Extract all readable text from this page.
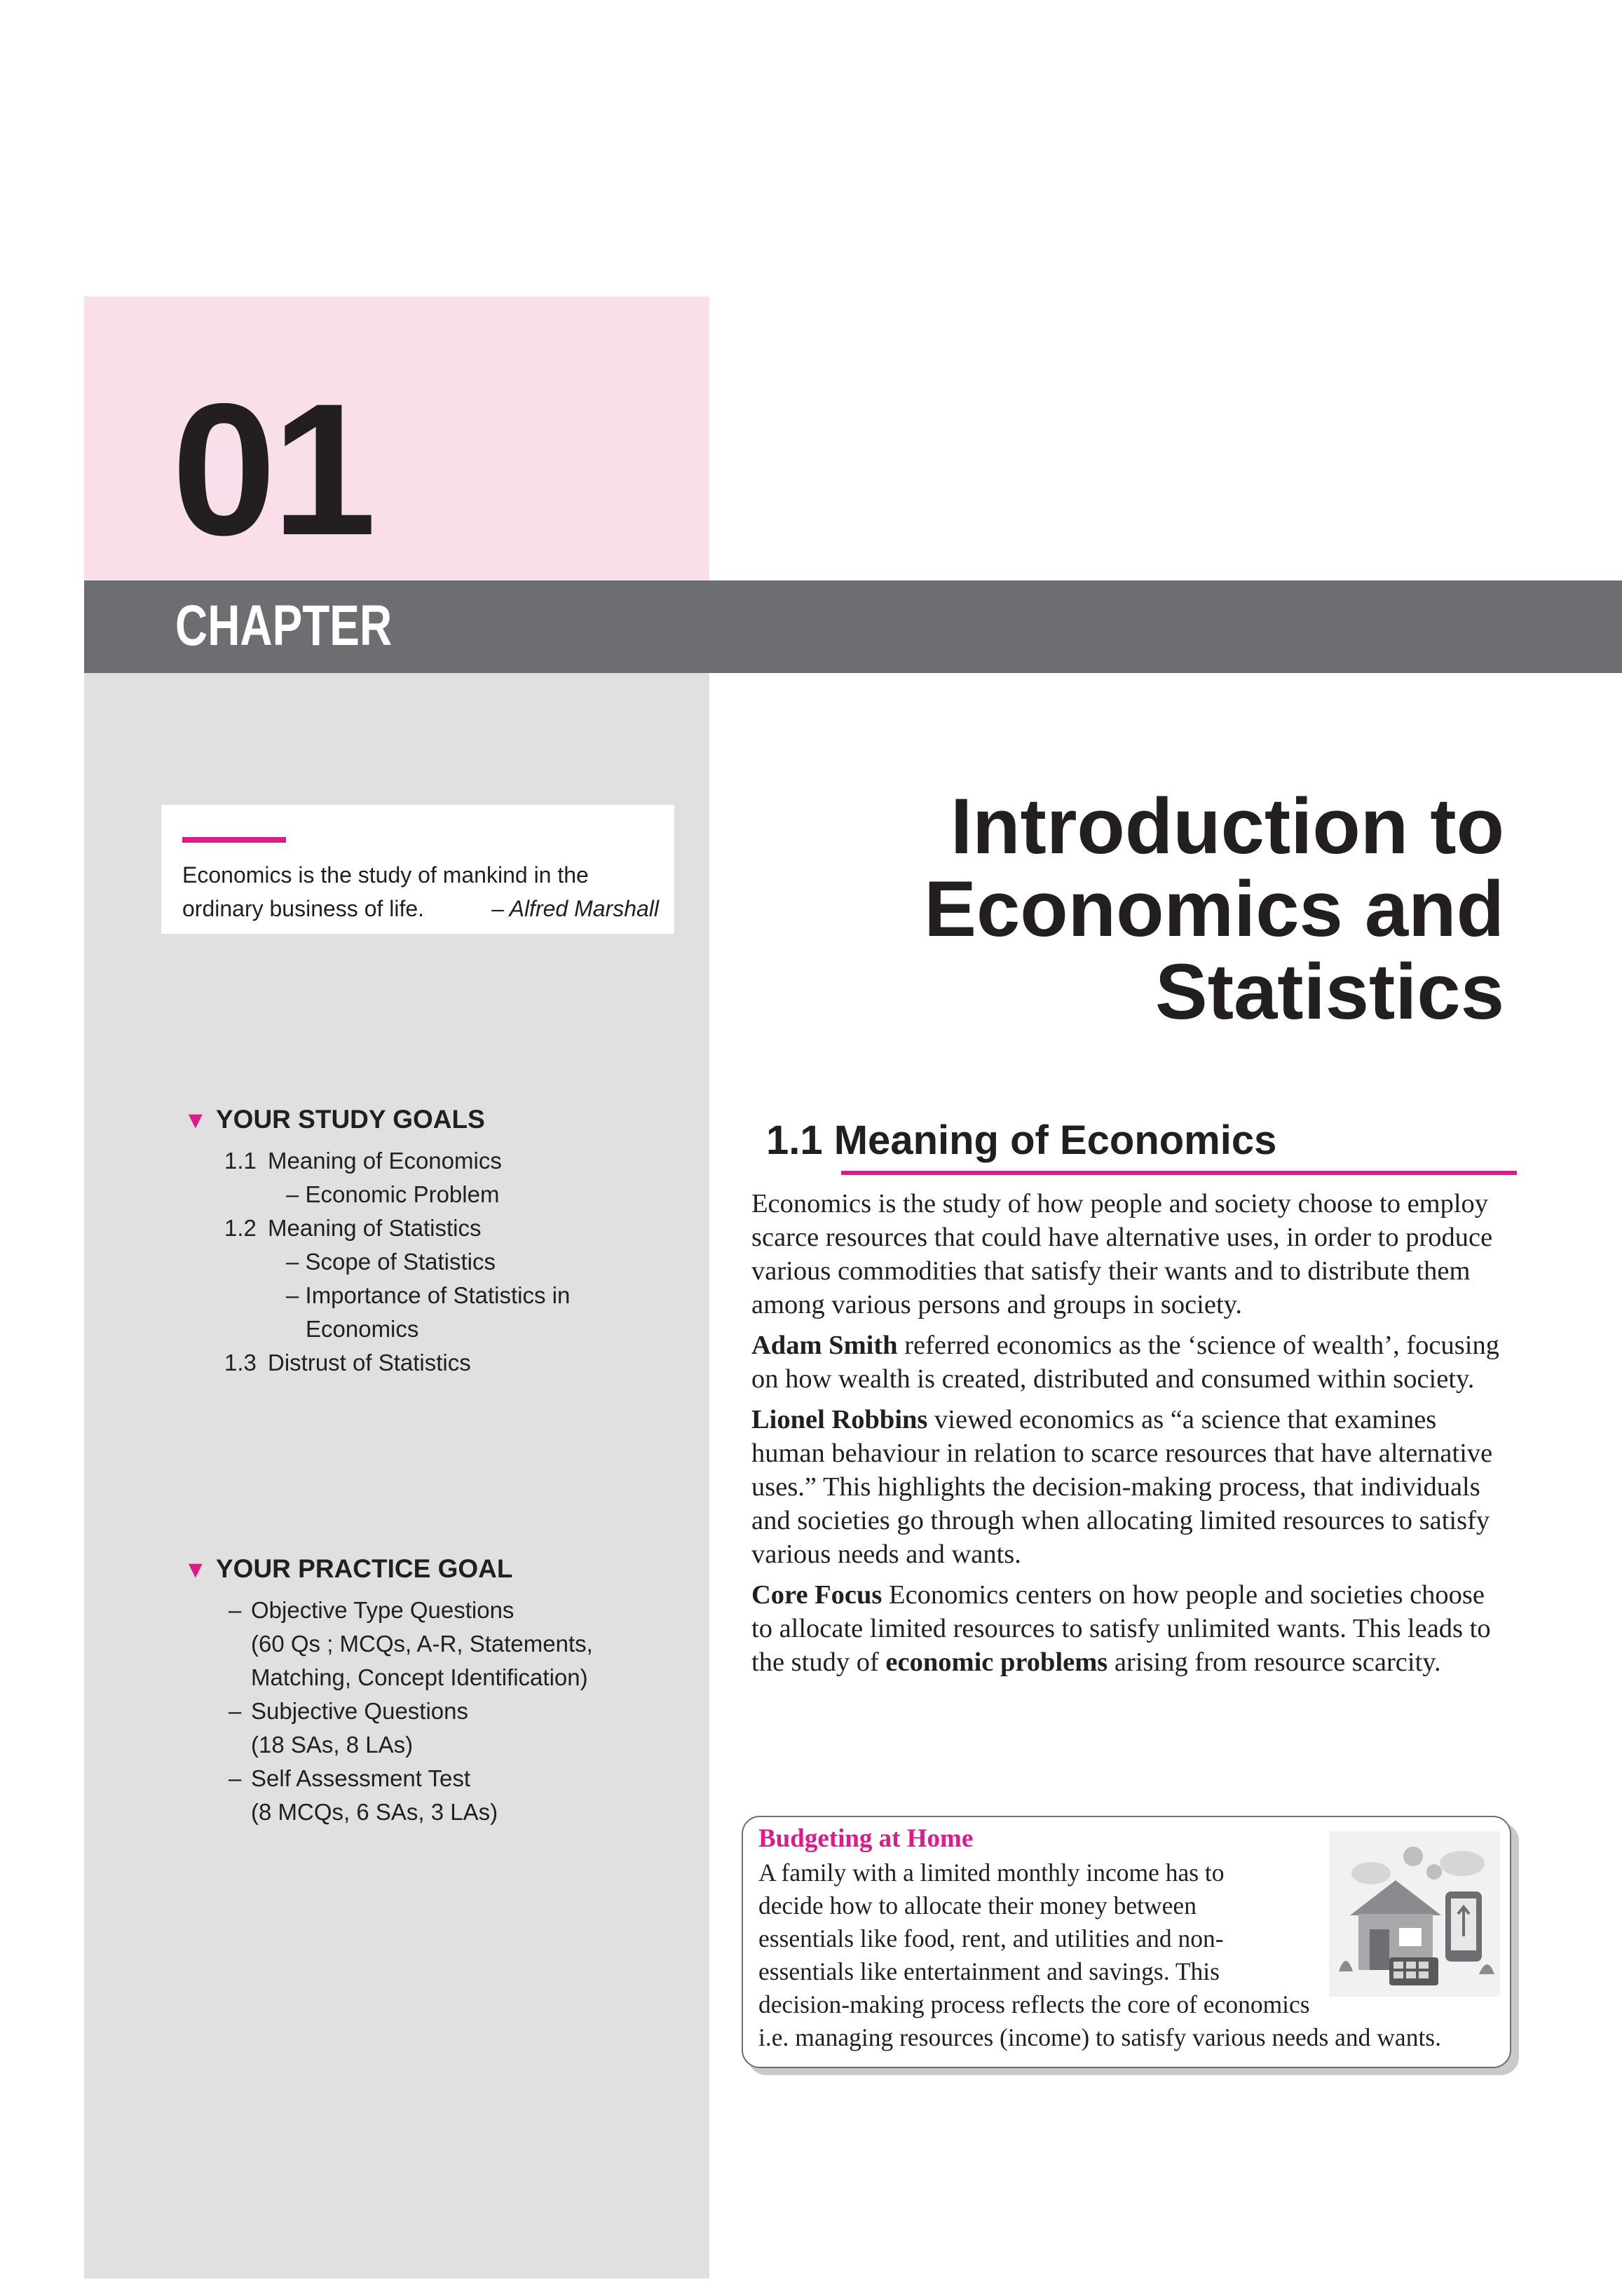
01
CHAPTER
Economics is the study of mankind in the
ordinary business of life.	– Alfred Marshall
▼ YOUR STUDY GOALS
1.1 Meaning of Economics
– Economic Problem
1.2 Meaning of Statistics
– Scope of Statistics
– Importance of Statistics in
Economics
1.3 Distrust of Statistics
▼ YOUR PRACTICE GOAL
– Objective Type Questions
(60 Qs ; MCQs, A-R, Statements,
Matching, Concept Identification)
– Subjective Questions
(18 SAs, 8 LAs)
– Self Assessment Test
(8 MCQs, 6 SAs, 3 LAs)
Introduction to
Economics and
Statistics
1.1 Meaning of Economics

Economics is the study of how people and society choose to employ scarce resources that could have alternative uses, in order to produce various commodities that satisfy their wants and to distribute them among various persons and groups in society.

Adam Smith referred economics as the ‘science of wealth’, focusing on how wealth is created, distributed and consumed within society.

Lionel Robbins viewed economics as “a science that examines human behaviour in relation to scarce resources that have alternative uses.” This highlights the decision-making process, that individuals and societies go through when allocating limited resources to satisfy various needs and wants.

Core Focus Economics centers on how people and societies choose to allocate limited resources to satisfy unlimited wants. This leads to the study of economic problems arising from resource scarcity.

Budgeting at Home
A family with a limited monthly income has to
decide how to allocate their money between
essentials like food, rent, and utilities and non-
essentials like entertainment and savings. This
decision-making process reflects the core of economics
i.e. managing resources (income) to satisfy various needs and wants.
